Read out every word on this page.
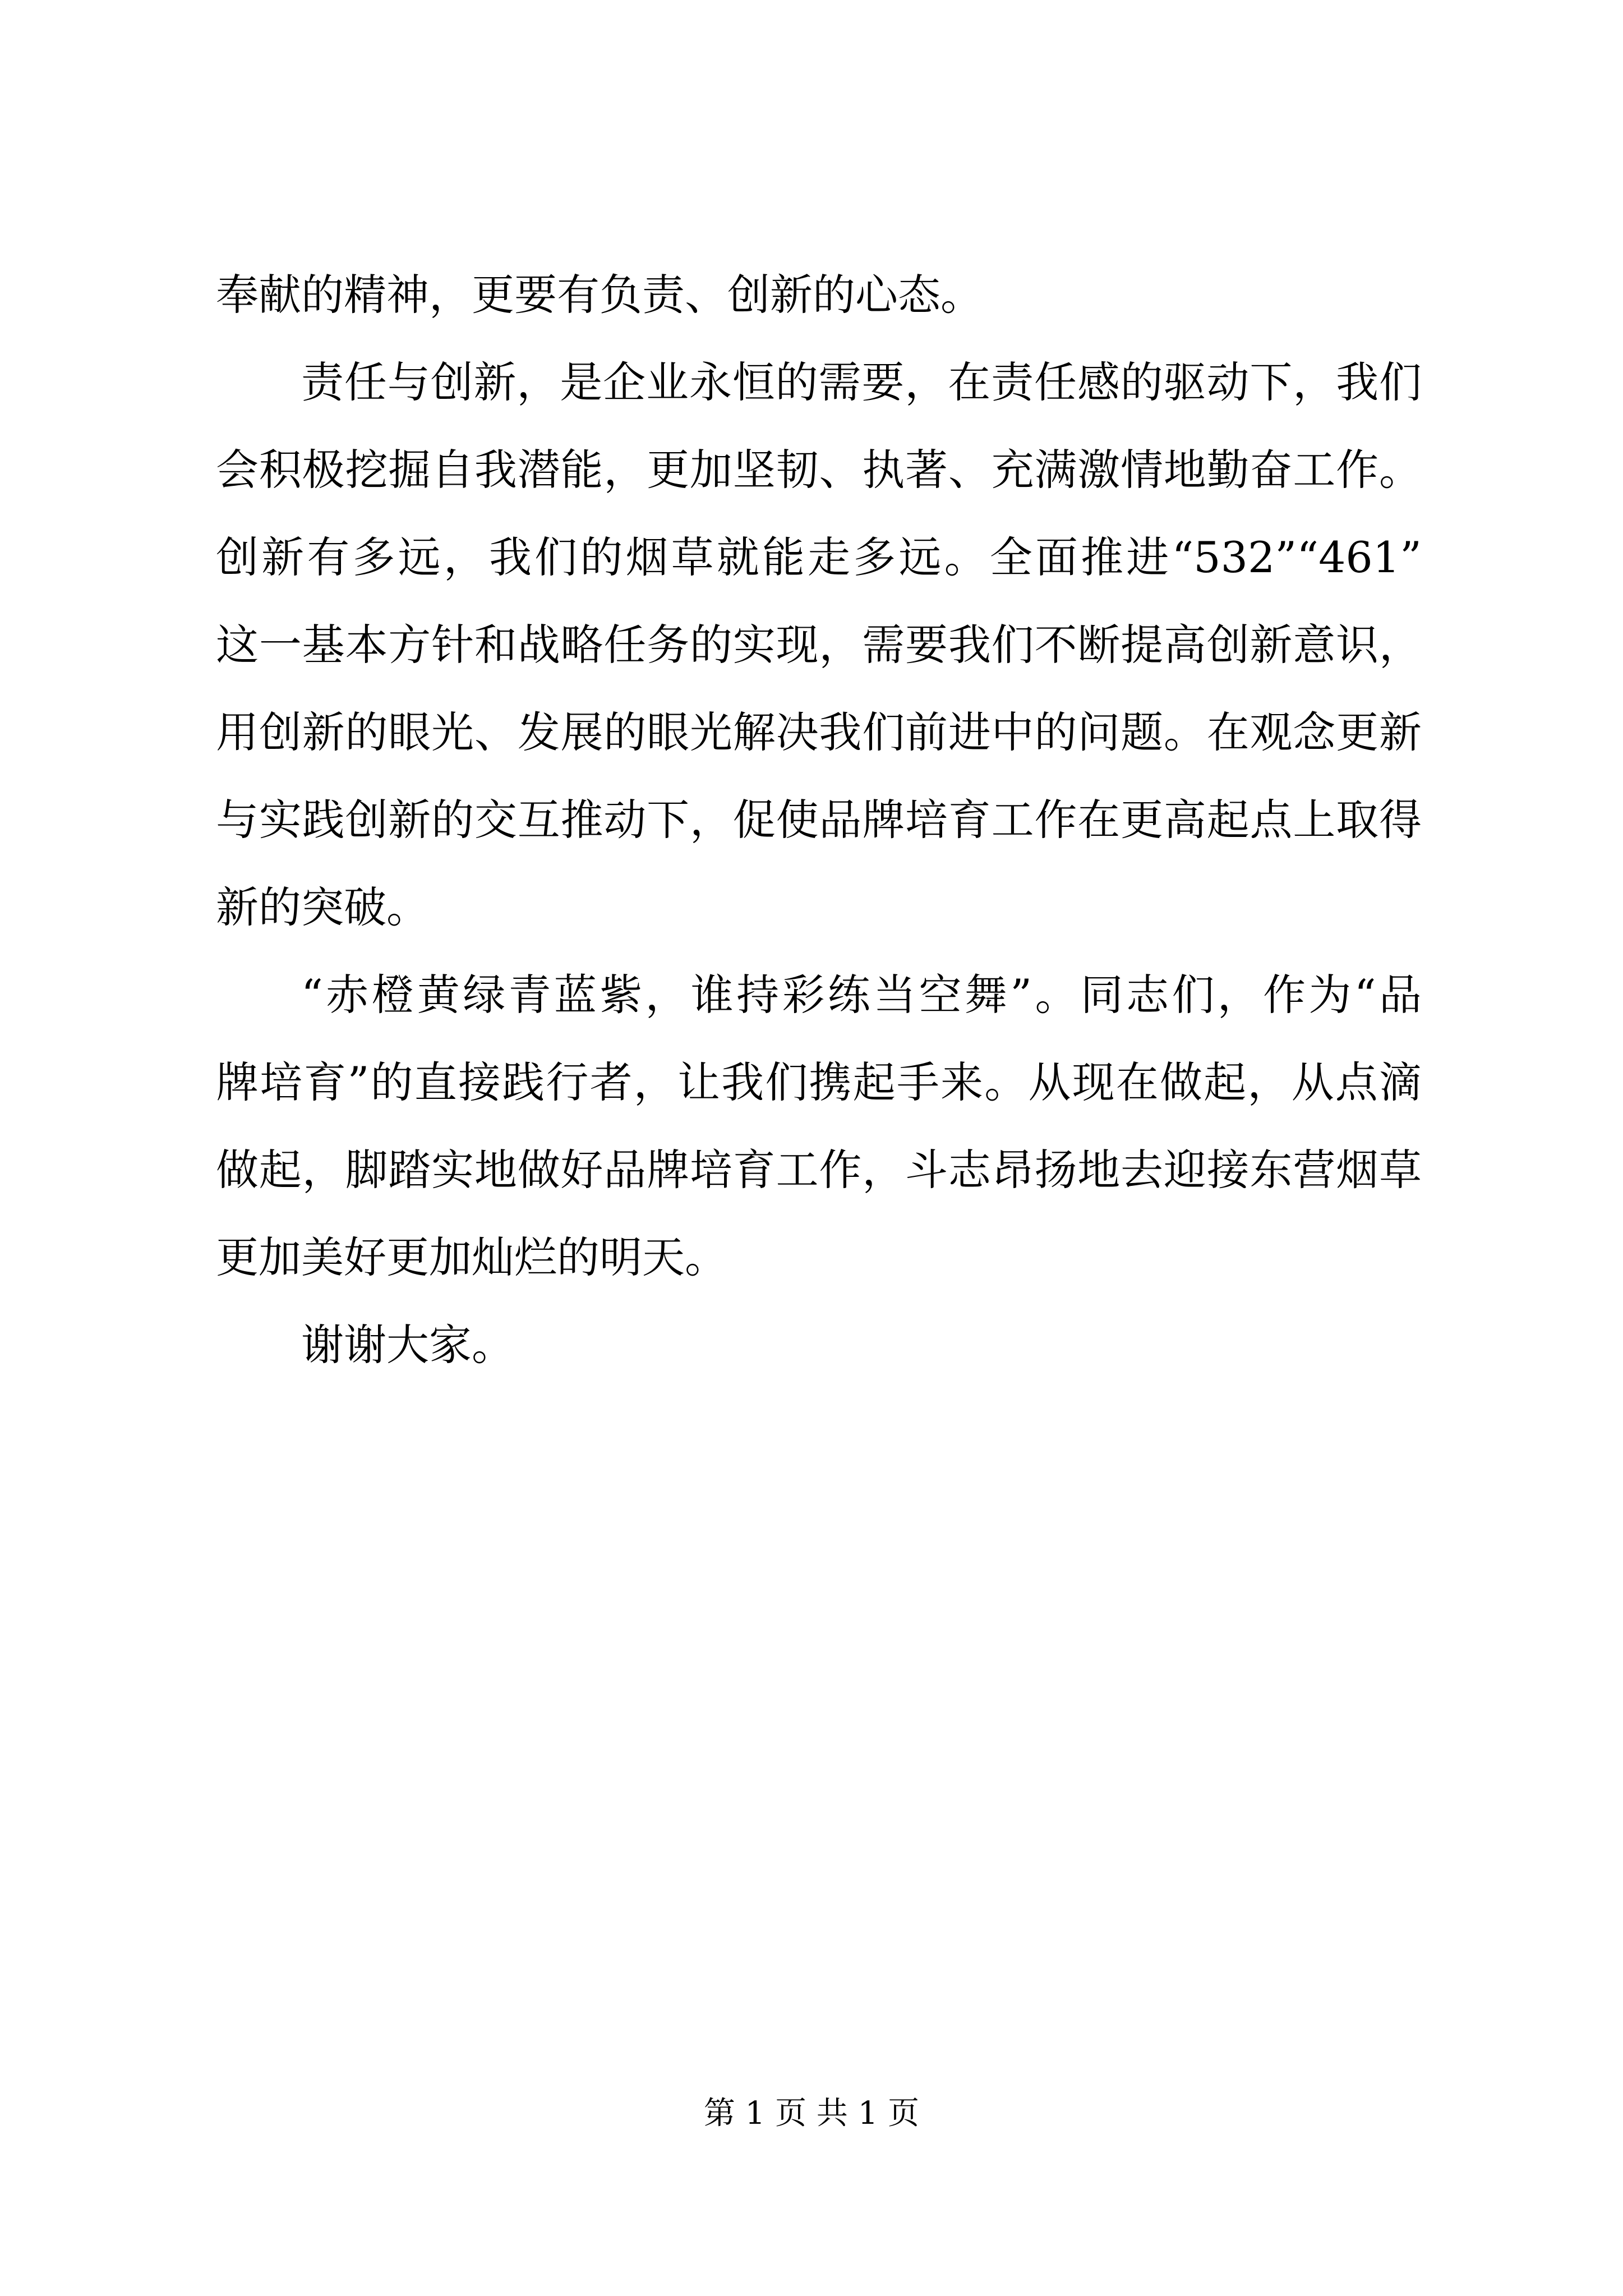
奉献的精神，更要有负责、创新的心态。
责任与创新，是企业永恒的需要，在责任感的驱动下，我们
会积极挖掘自我潜能，更加坚韧、执著、充满激情地勤奋工作。
创新有多远，我们的烟草就能走多远。全面推进“532”“461”
这一基本方针和战略任务的实现，需要我们不断提高创新意识，
用创新的眼光、发展的眼光解决我们前进中的问题。在观念更新
与实践创新的交互推动下，促使品牌培育工作在更高起点上取得
新的突破。
“赤橙黄绿青蓝紫，谁持彩练当空舞”。同志们，作为“品
牌培育”的直接践行者，让我们携起手来。从现在做起，从点滴
做起，脚踏实地做好品牌培育工作，斗志昂扬地去迎接东营烟草
更加美好更加灿烂的明天。
谢谢大家。
第 1 页 共 1 页
